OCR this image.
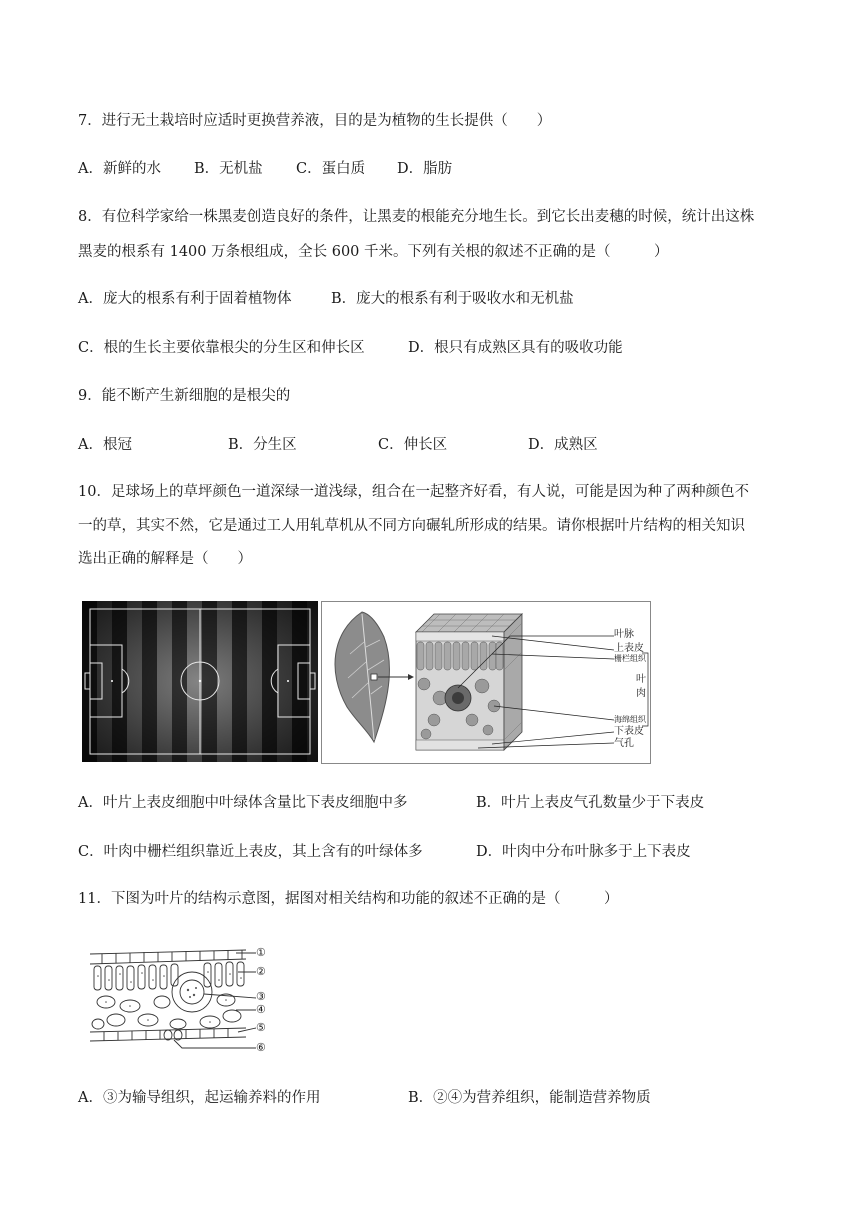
7．进行无土栽培时应适时更换营养液，目的是为植物的生长提供（　　）
A．新鲜的水 B．无机盐 C．蛋白质 D．脂肪
8．有位科学家给一株黑麦创造良好的条件，让黑麦的根能充分地生长。到它长出麦穗的时候，统计出这株
黑麦的根系有 1400 万条根组成，全长 600 千米。下列有关根的叙述不正确的是（　　　）
A．庞大的根系有利于固着植物体	B．庞大的根系有利于吸收水和无机盐
C．根的生长主要依靠根尖的分生区和伸长区	D．根只有成熟区具有的吸收功能
9．能不断产生新细胞的是根尖的
A．根冠	B．分生区	C．伸长区	D．成熟区
10．足球场上的草坪颜色一道深绿一道浅绿，组合在一起整齐好看，有人说，可能是因为种了两种颜色不
一的草，其实不然，它是通过工人用轧草机从不同方向碾轧所形成的结果。请你根据叶片结构的相关知识
选出正确的解释是（　　）
叶脉
上表皮
栅栏组织
叶
肉
海绵组织
下表皮
气孔
A．叶片上表皮细胞中叶绿体含量比下表皮细胞中多	B．叶片上表皮气孔数量少于下表皮
C．叶肉中栅栏组织靠近上表皮，其上含有的叶绿体多	D．叶肉中分布叶脉多于上下表皮
11．下图为叶片的结构示意图，据图对相关结构和功能的叙述不正确的是（　　　）
①
②
③
④
⑤
⑥
A．③为输导组织，起运输养料的作用	B．②④为营养组织，能制造营养物质
